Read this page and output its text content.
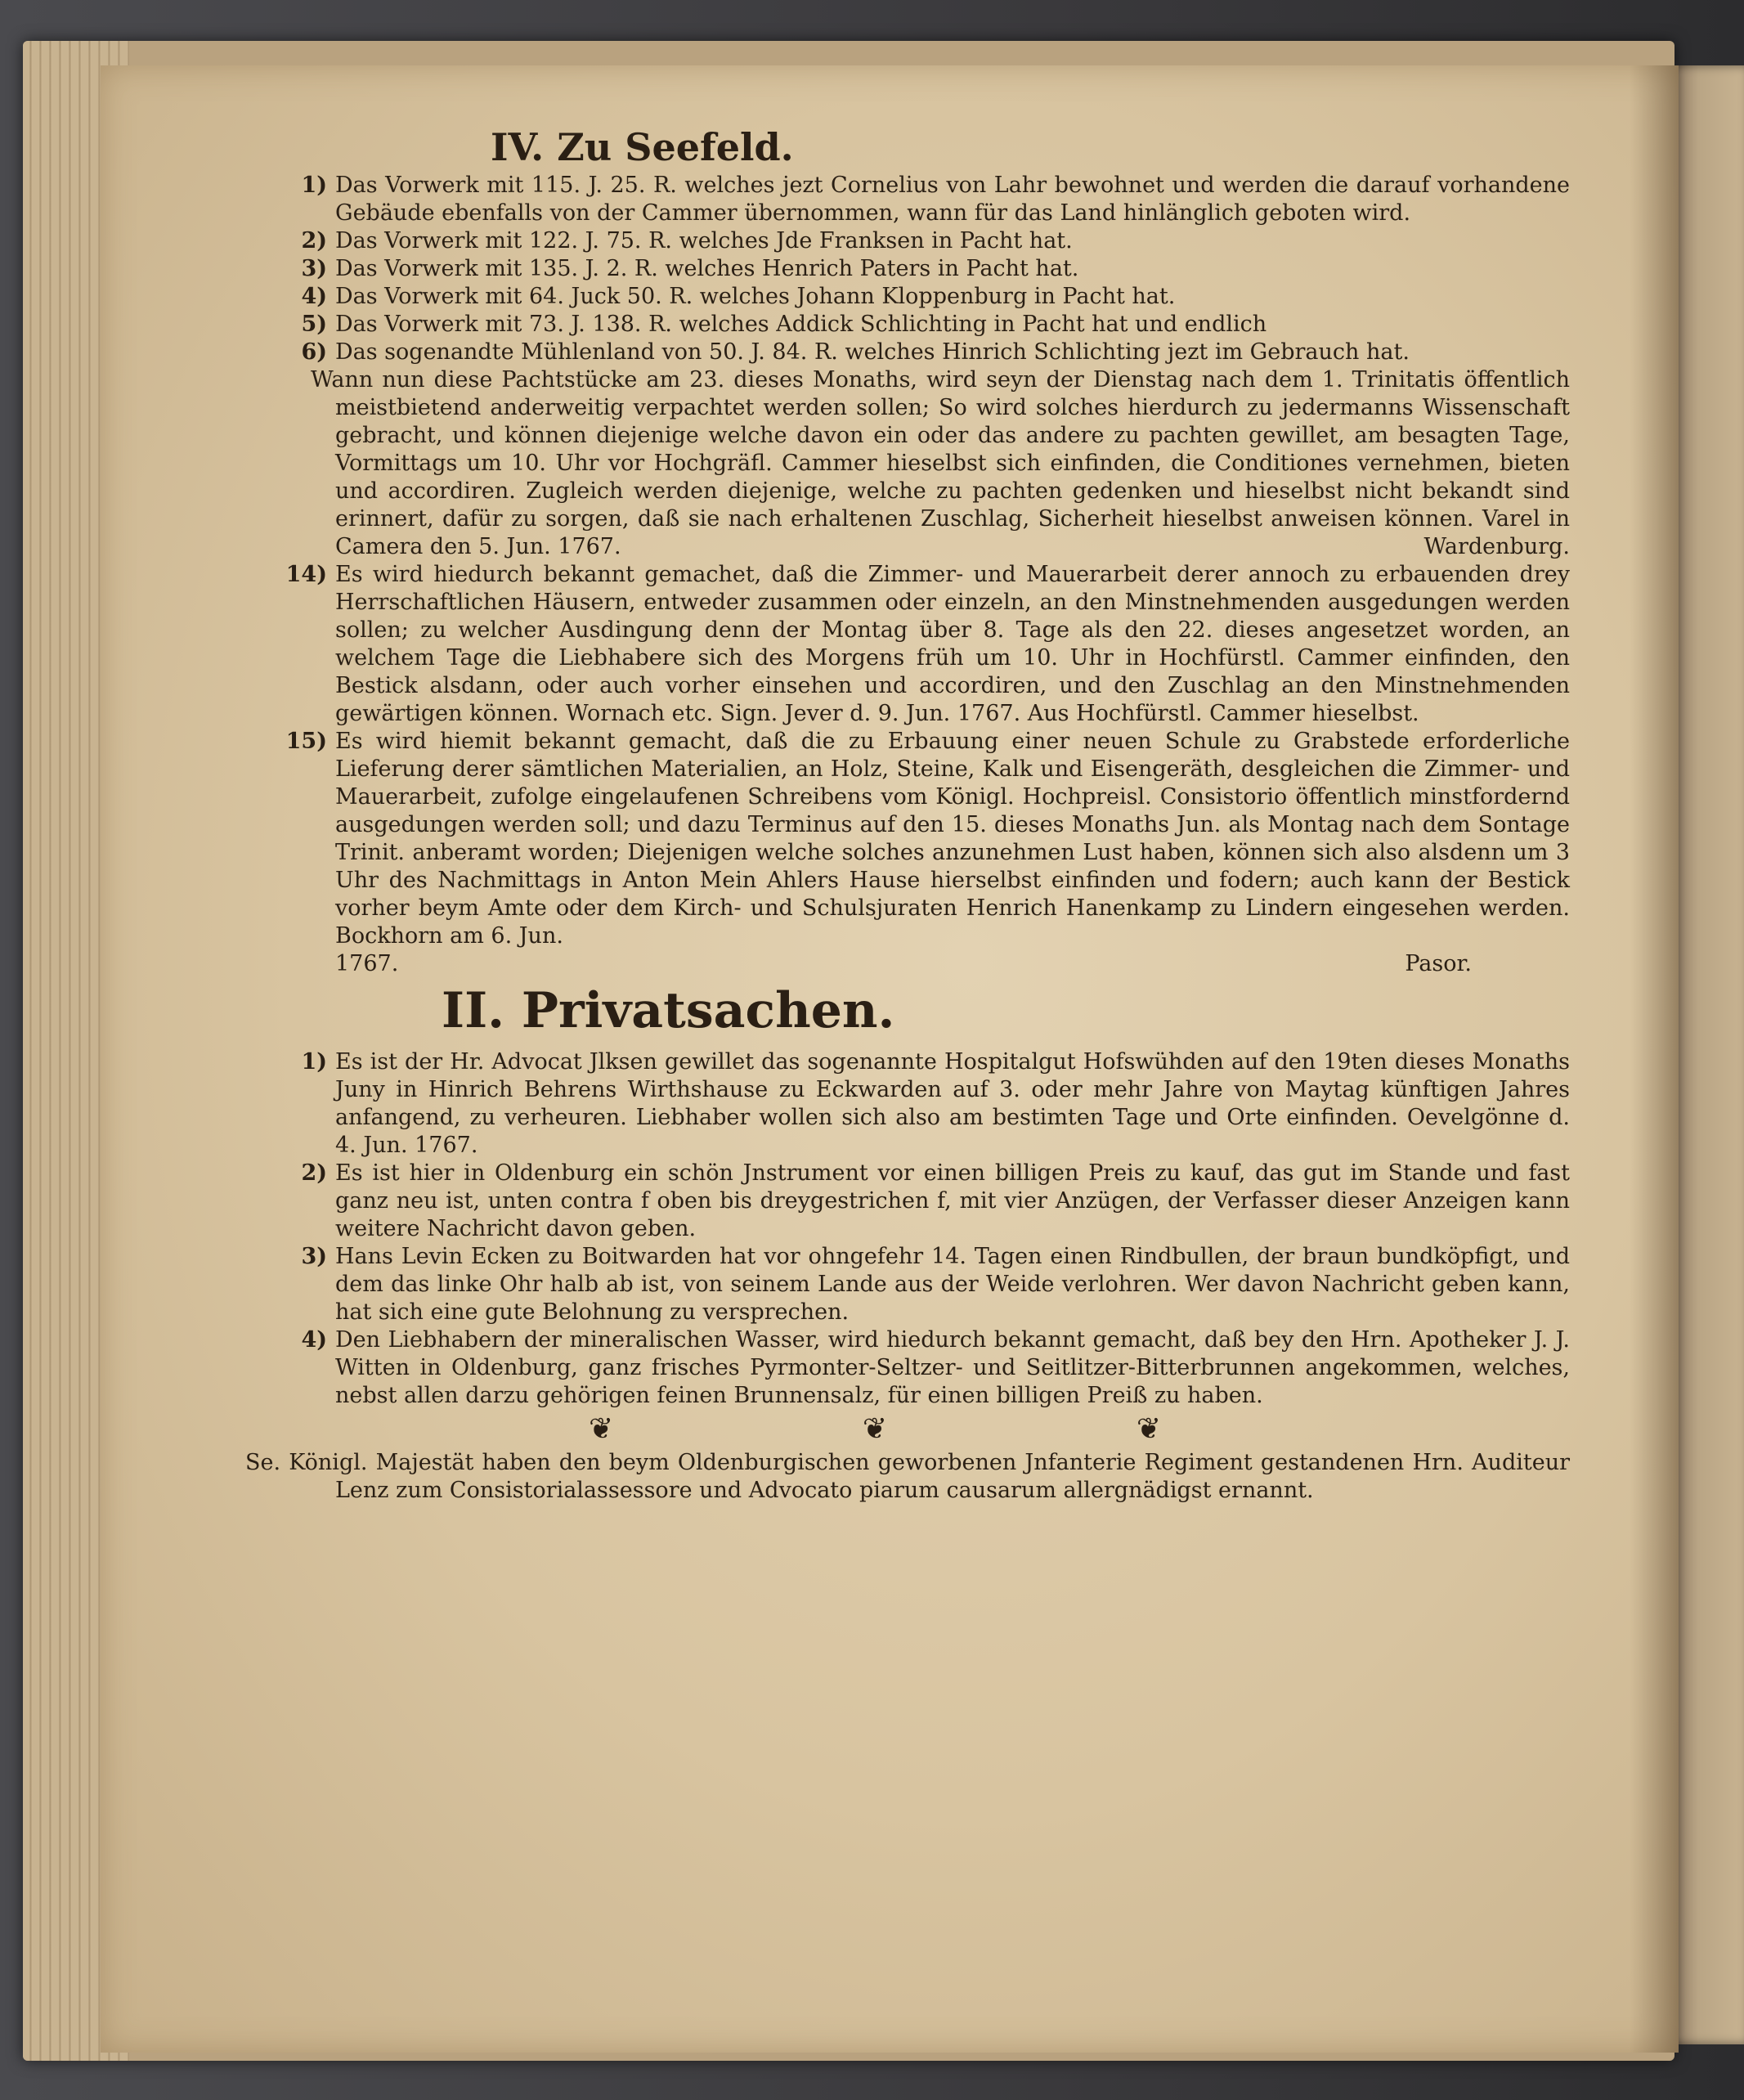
IV. Zu Seefeld.

1) Das Vorwerk mit 115. J. 25. R. welches jezt Cornelius von Lahr bewohnet und werden die darauf vorhandene Gebäude ebenfalls von der Cammer übernommen, wann für das Land hinlänglich geboten wird.

2) Das Vorwerk mit 122. J. 75. R. welches Jde Franksen in Pacht hat.

3) Das Vorwerk mit 135. J. 2. R. welches Henrich Paters in Pacht hat.

4) Das Vorwerk mit 64. Juck 50. R. welches Johann Kloppenburg in Pacht hat.

5) Das Vorwerk mit 73. J. 138. R. welches Addick Schlichting in Pacht hat und endlich

6) Das sogenandte Mühlenland von 50. J. 84. R. welches Hinrich Schlichting jezt im Gebrauch hat.

Wann nun diese Pachtstücke am 23. dieses Monaths, wird seyn der Dienstag nach dem 1. Trinitatis öffentlich meistbietend anderweitig verpachtet werden sollen; So wird solches hierdurch zu jedermanns Wissenschaft gebracht, und können diejenige welche davon ein oder das andere zu pachten gewillet, am besagten Tage, Vormittags um 10. Uhr vor Hochgräfl. Cammer hieselbst sich einfinden, die Conditiones vernehmen, bieten und accordiren. Zugleich werden diejenige, welche zu pachten gedenken und hieselbst nicht bekandt sind erinnert, dafür zu sorgen, daß sie nach erhaltenen Zuschlag, Sicherheit hieselbst anweisen können. Varel in Camera den 5. Jun. 1767.	Wardenburg.

14) Es wird hiedurch bekannt gemachet, daß die Zimmer- und Mauerarbeit derer annoch zu erbauenden drey Herrschaftlichen Häusern, entweder zusammen oder einzeln, an den Minstnehmenden ausgedungen werden sollen; zu welcher Ausdingung denn der Montag über 8. Tage als den 22. dieses angesetzet worden, an welchem Tage die Liebhabere sich des Morgens früh um 10. Uhr in Hochfürstl. Cammer einfinden, den Bestick alsdann, oder auch vorher einsehen und accordiren, und den Zuschlag an den Minstnehmenden gewärtigen können. Wornach etc. Sign. Jever d. 9. Jun. 1767. Aus Hochfürstl. Cammer hieselbst.

15) Es wird hiemit bekannt gemacht, daß die zu Erbauung einer neuen Schule zu Grabstede erforderliche Lieferung derer sämtlichen Materialien, an Holz, Steine, Kalk und Eisengeräth, desgleichen die Zimmer- und Mauerarbeit, zufolge eingelaufenen Schreibens vom Königl. Hochpreisl. Consistorio öffentlich minstfordernd ausgedungen werden soll; und dazu Terminus auf den 15. dieses Monaths Jun. als Montag nach dem Sontage Trinit. anberamt worden; Diejenigen welche solches anzunehmen Lust haben, können sich also alsdenn um 3 Uhr des Nachmittags in Anton Mein Ahlers Hause hierselbst einfinden und fodern; auch kann der Bestick vorher beym Amte oder dem Kirch- und Schulsjuraten Henrich Hanenkamp zu Lindern eingesehen werden. Bockhorn am 6. Jun.

1767.	Pasor.
II. Privatsachen.

1) Es ist der Hr. Advocat Jlksen gewillet das sogenannte Hospitalgut Hofswühden auf den 19ten dieses Monaths Juny in Hinrich Behrens Wirthshause zu Eckwarden auf 3. oder mehr Jahre von Maytag künftigen Jahres anfangend, zu verheuren. Liebhaber wollen sich also am bestimten Tage und Orte einfinden. Oevelgönne d. 4. Jun. 1767.

2) Es ist hier in Oldenburg ein schön Jnstrument vor einen billigen Preis zu kauf, das gut im Stande und fast ganz neu ist, unten contra f oben bis dreygestrichen f, mit vier Anzügen, der Verfasser dieser Anzeigen kann weitere Nachricht davon geben.

3) Hans Levin Ecken zu Boitwarden hat vor ohngefehr 14. Tagen einen Rindbullen, der braun bundköpfigt, und dem das linke Ohr halb ab ist, von seinem Lande aus der Weide verlohren. Wer davon Nachricht geben kann, hat sich eine gute Belohnung zu versprechen.

4) Den Liebhabern der mineralischen Wasser, wird hiedurch bekannt gemacht, daß bey den Hrn. Apotheker J. J. Witten in Oldenburg, ganz frisches Pyrmonter-Seltzer- und Seitlitzer-Bitterbrunnen angekommen, welches, nebst allen darzu gehörigen feinen Brunnensalz, für einen billigen Preiß zu haben.

❦	❦	❦

Se. Königl. Majestät haben den beym Oldenburgischen geworbenen Jnfanterie Regiment gestandenen Hrn. Auditeur Lenz zum Consistorialassessore und Advocato piarum causarum allergnädigst ernannt.
